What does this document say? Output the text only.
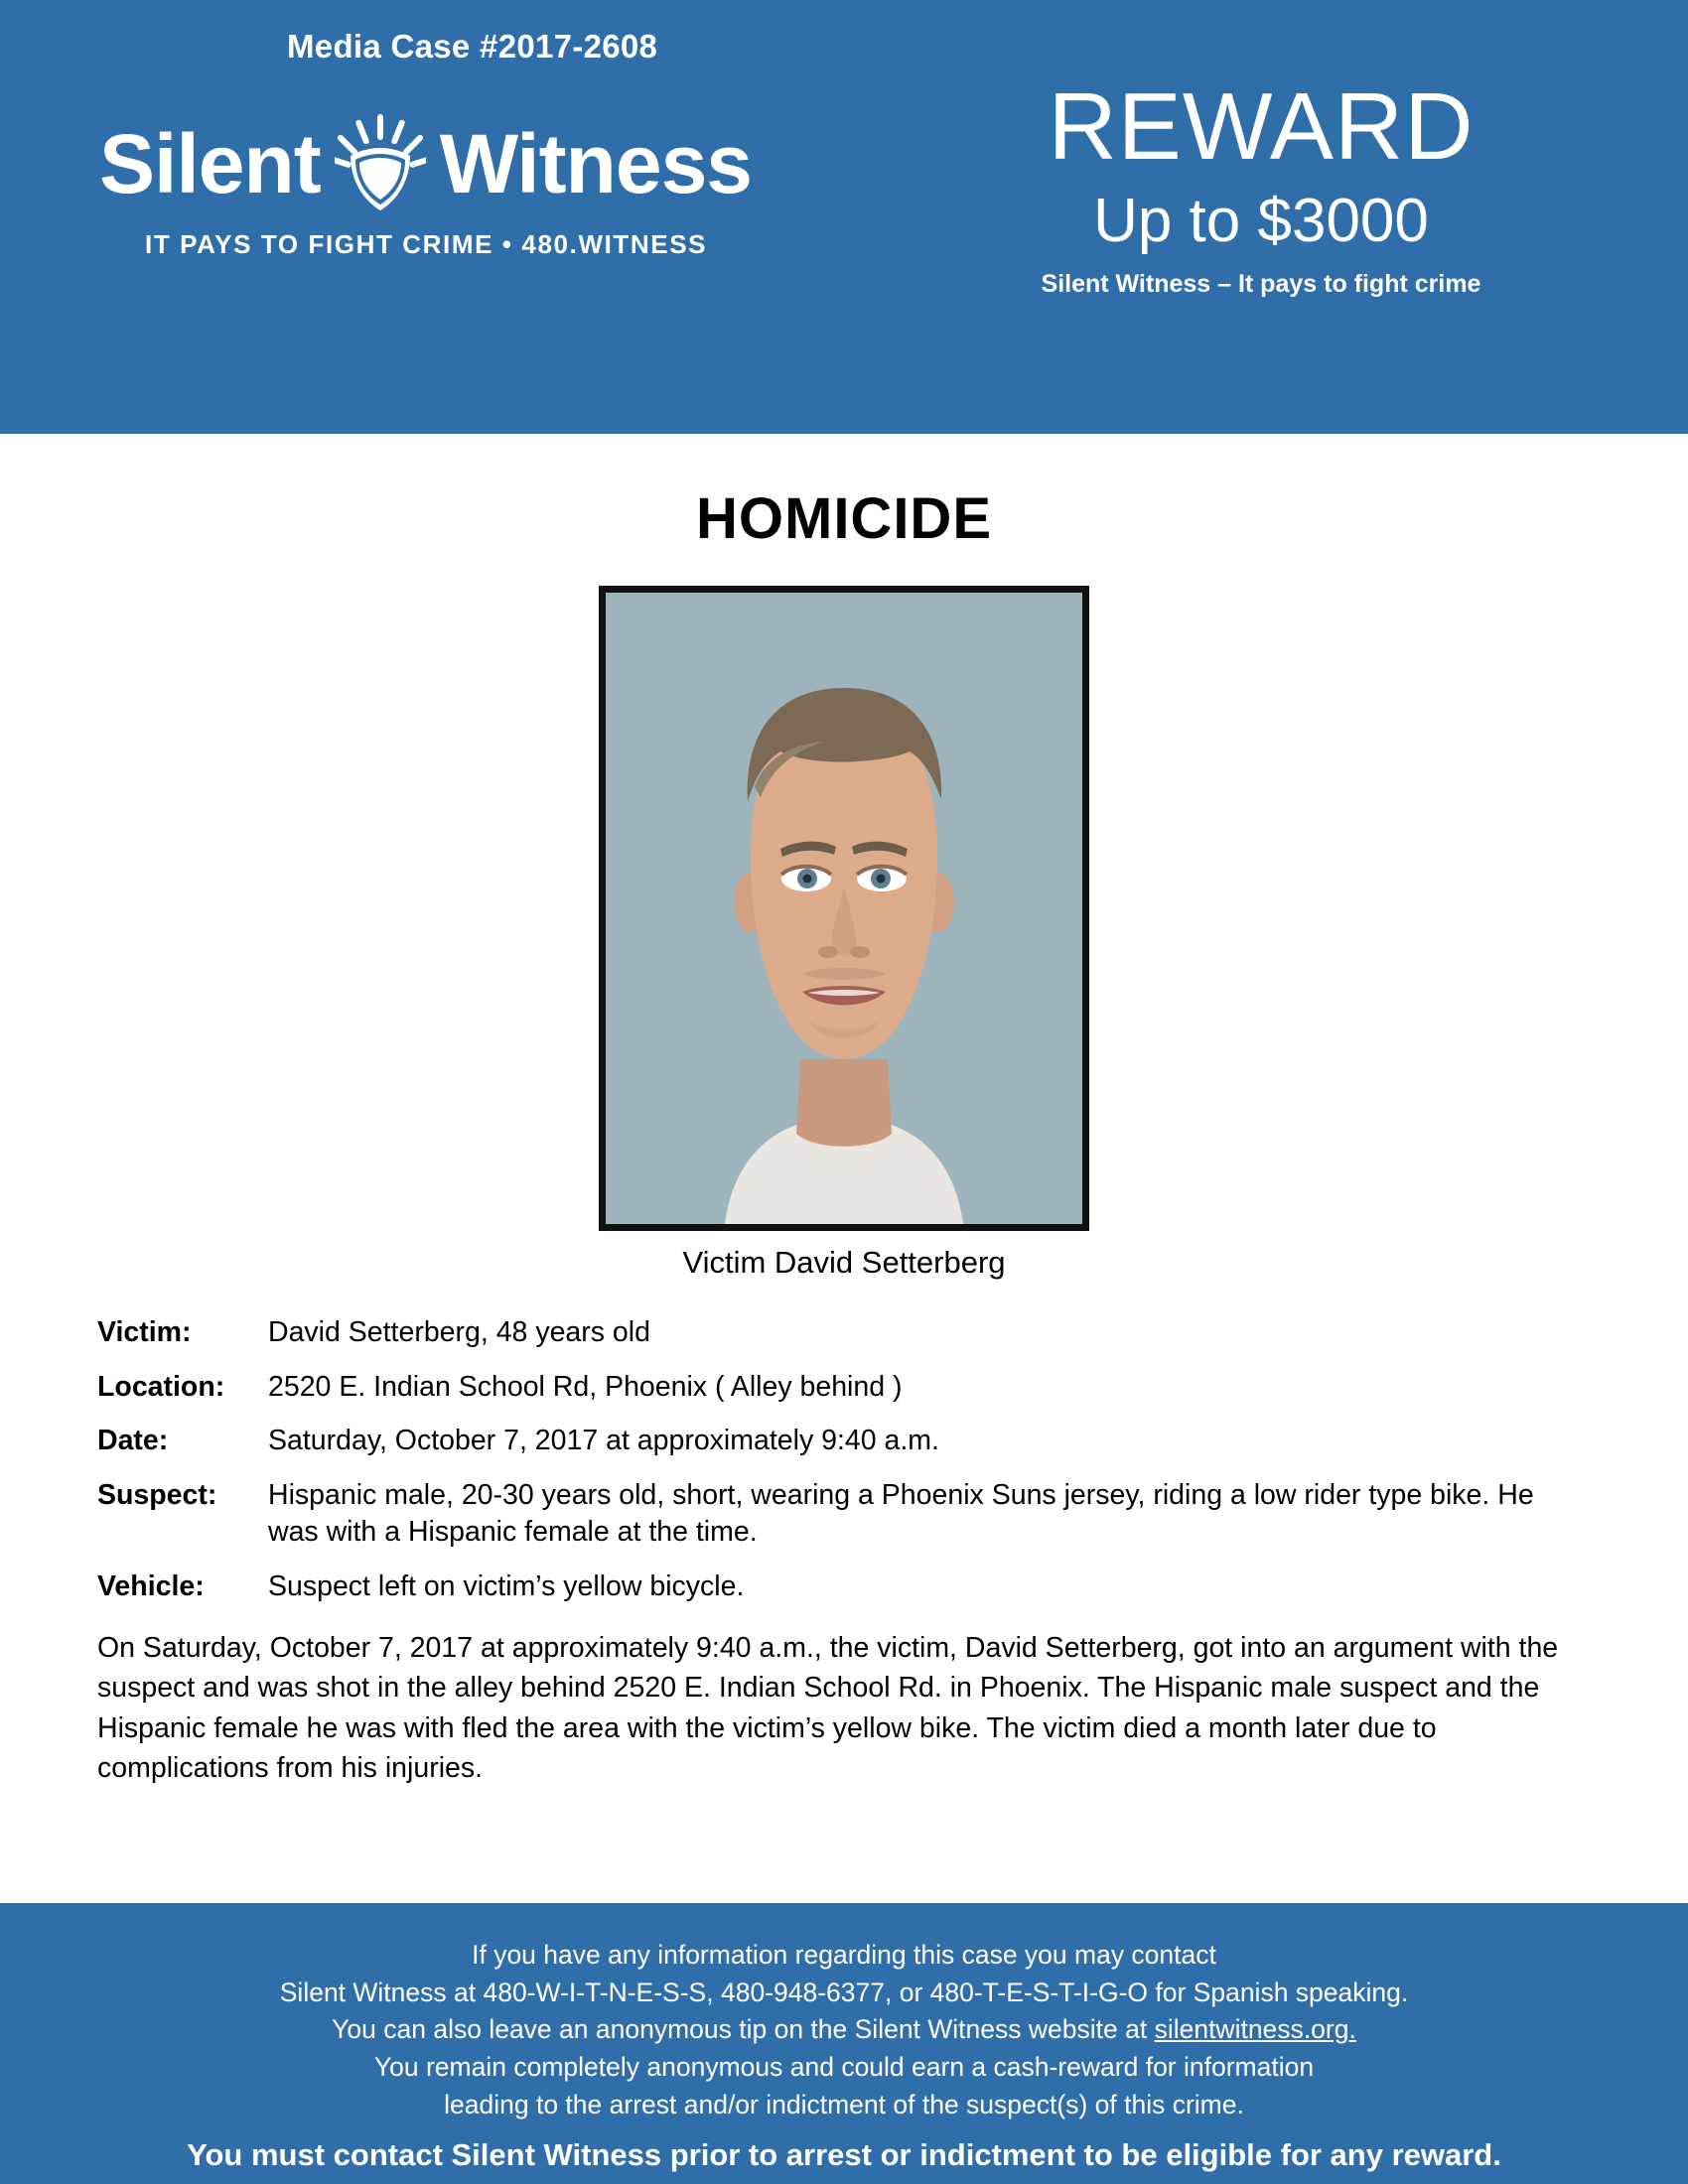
Media Case #2017-2608
Silent Witness
IT PAYS TO FIGHT CRIME • 480.WITNESS
REWARD
Up to $3000
Silent Witness – It pays to fight crime
HOMICIDE
Victim David Setterberg
Victim:	David Setterberg, 48 years old
Location:	2520 E. Indian School Rd, Phoenix ( Alley behind )
Date:	Saturday, October 7, 2017 at approximately 9:40 a.m.
Suspect:	Hispanic male, 20-30 years old, short, wearing a Phoenix Suns jersey, riding a low rider type bike. He was with a Hispanic female at the time.
Vehicle:	Suspect left on victim’s yellow bicycle.
On Saturday, October 7, 2017 at approximately 9:40 a.m., the victim, David Setterberg, got into an argument with the suspect and was shot in the alley behind 2520 E. Indian School Rd. in Phoenix. The Hispanic male suspect and the Hispanic female he was with fled the area with the victim’s yellow bike. The victim died a month later due to complications from his injuries.
If you have any information regarding this case you may contact
Silent Witness at 480-W-I-T-N-E-S-S, 480-948-6377, or 480-T-E-S-T-I-G-O for Spanish speaking.
You can also leave an anonymous tip on the Silent Witness website at silentwitness.org.
You remain completely anonymous and could earn a cash-reward for information
leading to the arrest and/or indictment of the suspect(s) of this crime.
You must contact Silent Witness prior to arrest or indictment to be eligible for any reward.
